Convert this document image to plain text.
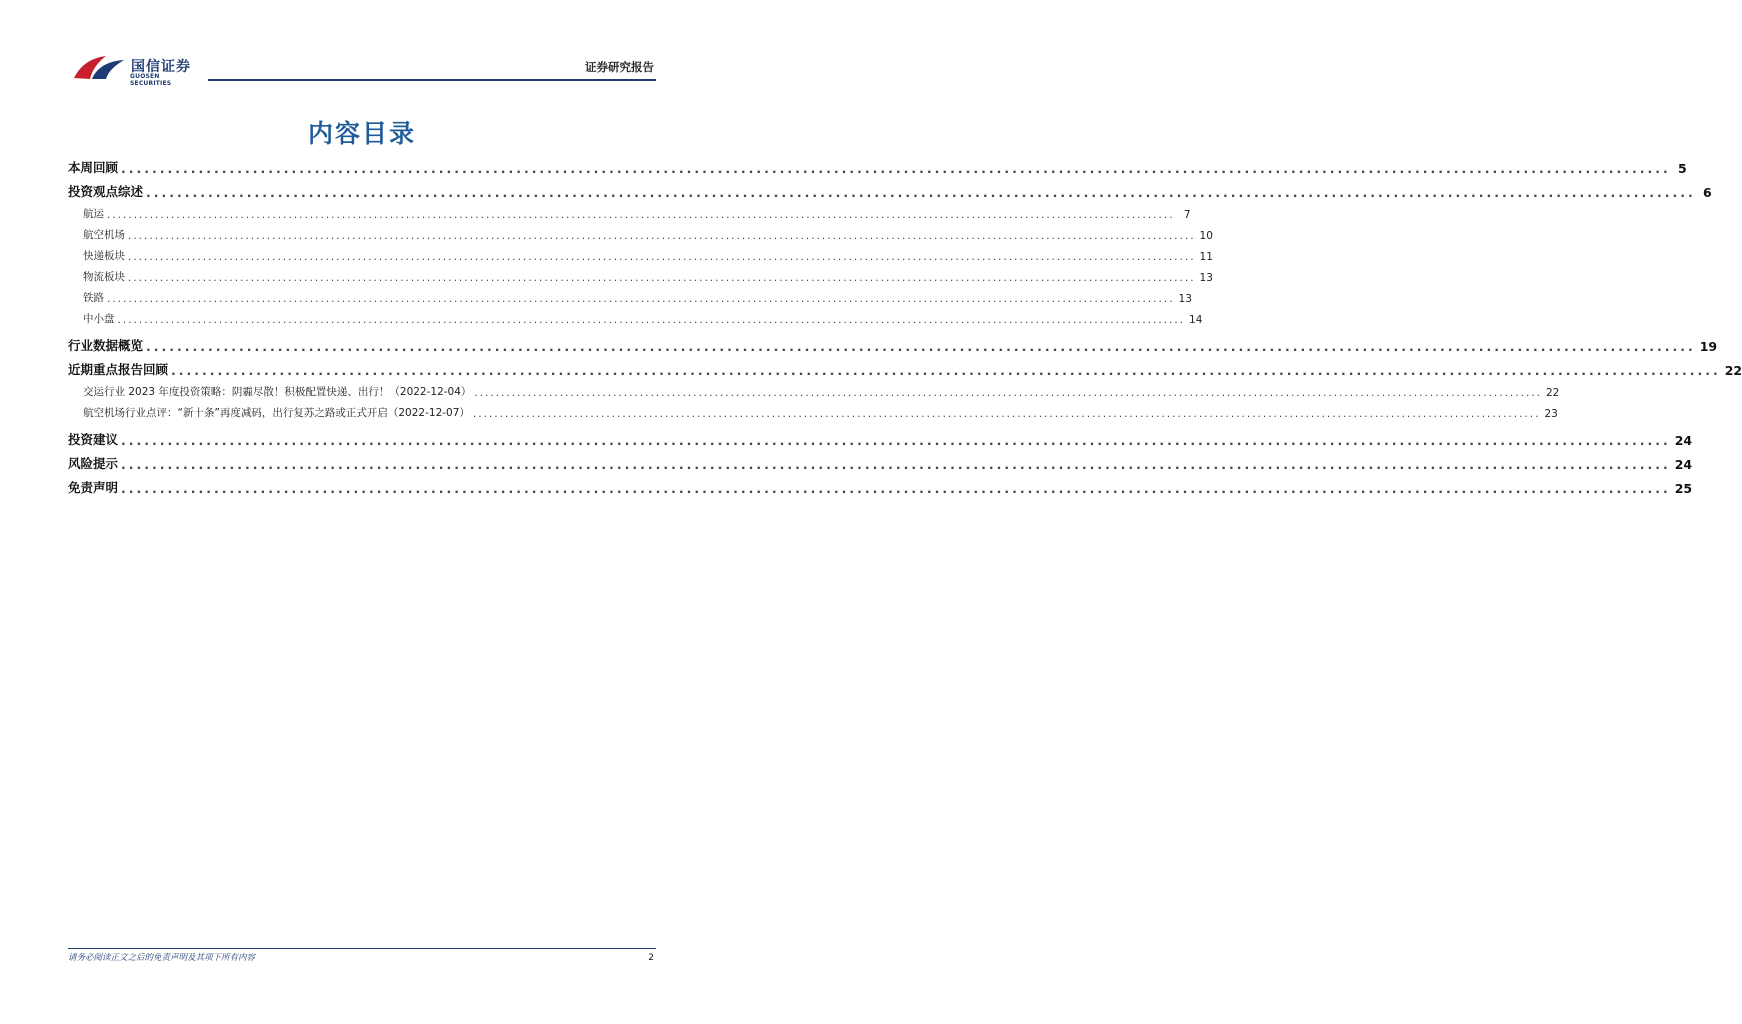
国信证券
GUOSEN SECURITIES
证券研究报告
内容目录
本周回顾 ........................................................................................................................................................................................................ 5
投资观点综述 ........................................................................................................................................................................................................ 6
航运 ........................................................................................................................................................................................................ 7
航空机场 ........................................................................................................................................................................................................ 10
快递板块 ........................................................................................................................................................................................................ 11
物流板块 ........................................................................................................................................................................................................ 13
铁路 ........................................................................................................................................................................................................ 13
中小盘 ........................................................................................................................................................................................................ 14
行业数据概览 ........................................................................................................................................................................................................ 19
近期重点报告回顾 ........................................................................................................................................................................................................ 22
交运行业 2023 年度投资策略：阴霾尽散！积极配置快递、出行！（2022-12-04） ........................................................................................................................................................................................................ 22
航空机场行业点评：“新十条”再度减码，出行复苏之路或正式开启（2022-12-07） ........................................................................................................................................................................................................ 23
投资建议 ........................................................................................................................................................................................................ 24
风险提示 ........................................................................................................................................................................................................ 24
免责声明 ........................................................................................................................................................................................................ 25
请务必阅读正文之后的免责声明及其项下所有内容	2
